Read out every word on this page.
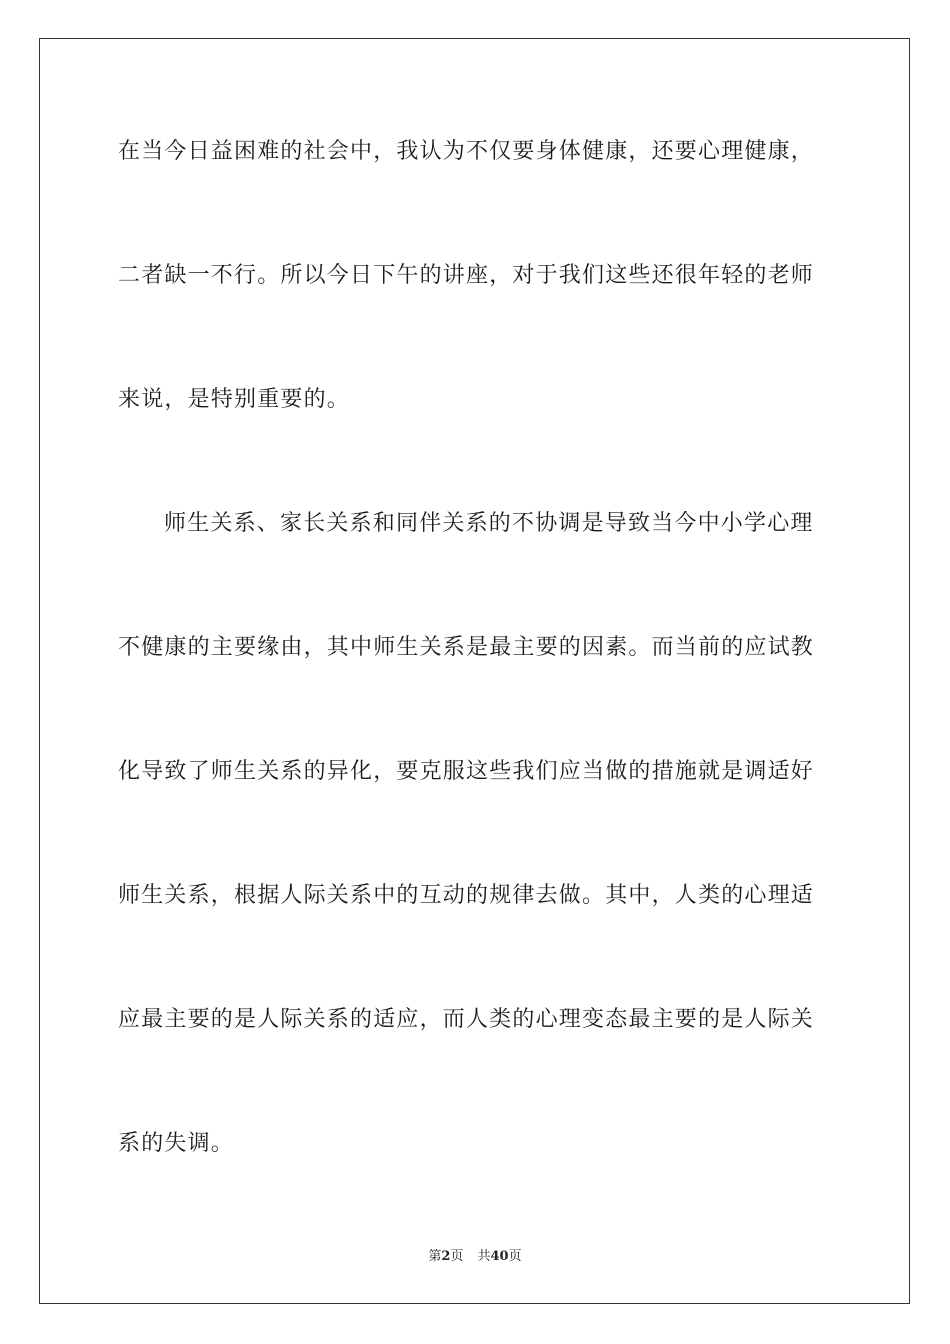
在当今日益困难的社会中，我认为不仅要身体健康，还要心理健康，
二者缺一不行。所以今日下午的讲座，对于我们这些还很年轻的老师
来说，是特别重要的。
师生关系、家长关系和同伴关系的不协调是导致当今中小学心理
不健康的主要缘由，其中师生关系是最主要的因素。而当前的应试教
化导致了师生关系的异化，要克服这些我们应当做的措施就是调适好
师生关系，根据人际关系中的互动的规律去做。其中，人类的心理适
应最主要的是人际关系的适应，而人类的心理变态最主要的是人际关
系的失调。
第2页 共40页
